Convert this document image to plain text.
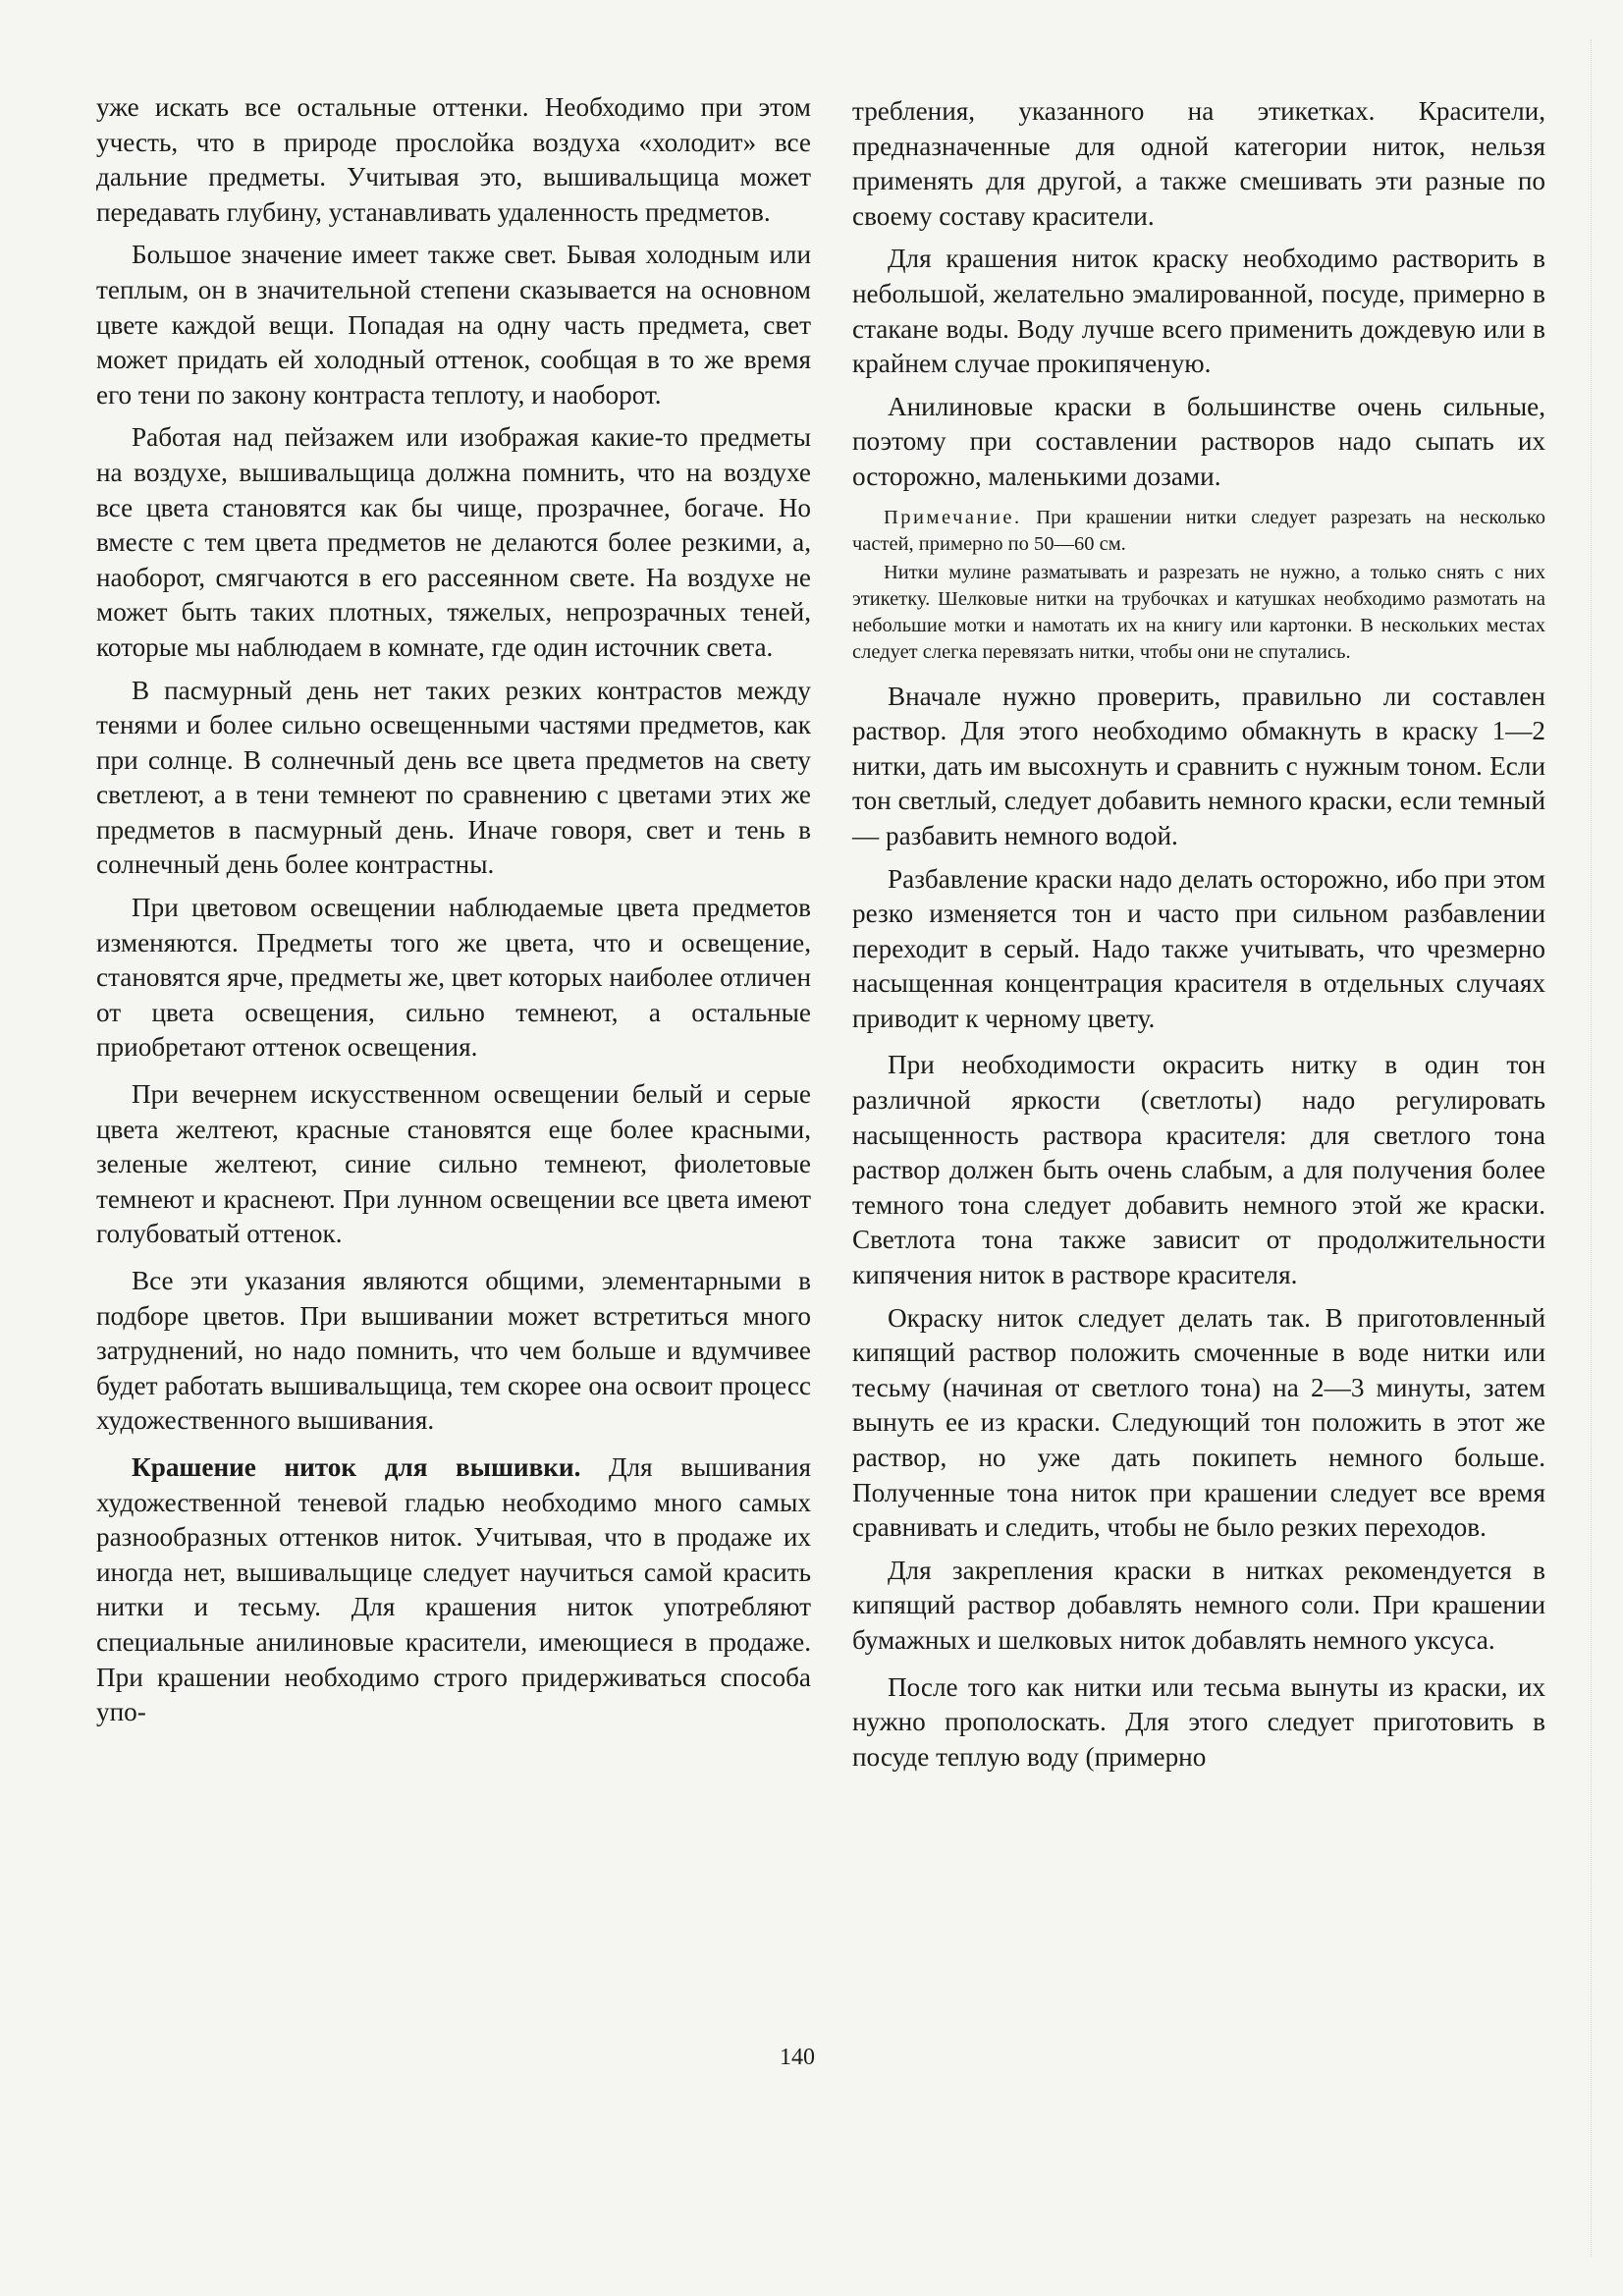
уже искать все остальные оттенки. Необходимо при этом учесть, что в природе прослойка воздуха «холодит» все дальние предметы. Учитывая это, вышивальщица может передавать глубину, устанавливать удаленность предметов.

Большое значение имеет также свет. Бывая холодным или теплым, он в значительной степени сказывается на основном цвете каждой вещи. Попадая на одну часть предмета, свет может придать ей холодный оттенок, сообщая в то же время его тени по закону контраста теплоту, и наоборот.

Работая над пейзажем или изображая какие-то предметы на воздухе, вышивальщица должна помнить, что на воздухе все цвета становятся как бы чище, прозрачнее, богаче. Но вместе с тем цвета предметов не делаются более резкими, а, наоборот, смягчаются в его рассеянном свете. На воздухе не может быть таких плотных, тяжелых, непрозрачных теней, которые мы наблюдаем в комнате, где один источник света.

В пасмурный день нет таких резких контрастов между тенями и более сильно освещенными частями предметов, как при солнце. В солнечный день все цвета предметов на свету светлеют, а в тени темнеют по сравнению с цветами этих же предметов в пасмурный день. Иначе говоря, свет и тень в солнечный день более контрастны.

При цветовом освещении наблюдаемые цвета предметов изменяются. Предметы того же цвета, что и освещение, становятся ярче, предметы же, цвет которых наиболее отличен от цвета освещения, сильно темнеют, а остальные приобретают оттенок освещения.

При вечернем искусственном освещении белый и серые цвета желтеют, красные становятся еще более красными, зеленые желтеют, синие сильно темнеют, фиолетовые темнеют и краснеют. При лунном освещении все цвета имеют голубоватый оттенок.

Все эти указания являются общими, элементарными в подборе цветов. При вышивании может встретиться много затруднений, но надо помнить, что чем больше и вдумчивее будет работать вышивальщица, тем скорее она освоит процесс художественного вышивания.

Крашение ниток для вышивки. Для вышивания художественной теневой гладью необходимо много самых разнообразных оттенков ниток. Учитывая, что в продаже их иногда нет, вышивальщице следует научиться самой красить нитки и тесьму. Для крашения ниток употребляют специальные анилиновые красители, имеющиеся в продаже. При крашении необходимо строго придерживаться способа упо-

требления, указанного на этикетках. Красители, предназначенные для одной категории ниток, нельзя применять для другой, а также смешивать эти разные по своему составу красители.

Для крашения ниток краску необходимо растворить в небольшой, желательно эмалированной, посуде, примерно в стакане воды. Воду лучше всего применить дождевую или в крайнем случае прокипяченую.

Анилиновые краски в большинстве очень сильные, поэтому при составлении растворов надо сыпать их осторожно, маленькими дозами.

Примечание. При крашении нитки следует разрезать на несколько частей, примерно по 50—60 см.

Нитки мулине разматывать и разрезать не нужно, а только снять с них этикетку. Шелковые нитки на трубочках и катушках необходимо размотать на небольшие мотки и намотать их на книгу или картонки. В нескольких местах следует слегка перевязать нитки, чтобы они не спутались.

Вначале нужно проверить, правильно ли составлен раствор. Для этого необходимо обмакнуть в краску 1—2 нитки, дать им высохнуть и сравнить с нужным тоном. Если тон светлый, следует добавить немного краски, если темный — разбавить немного водой.

Разбавление краски надо делать осторожно, ибо при этом резко изменяется тон и часто при сильном разбавлении переходит в серый. Надо также учитывать, что чрезмерно насыщенная концентрация красителя в отдельных случаях приводит к черному цвету.

При необходимости окрасить нитку в один тон различной яркости (светлоты) надо регулировать насыщенность раствора красителя: для светлого тона раствор должен быть очень слабым, а для получения более темного тона следует добавить немного этой же краски. Светлота тона также зависит от продолжительности кипячения ниток в растворе красителя.

Окраску ниток следует делать так. В приготовленный кипящий раствор положить смоченные в воде нитки или тесьму (начиная от светлого тона) на 2—3 минуты, затем вынуть ее из краски. Следующий тон положить в этот же раствор, но уже дать покипеть немного больше. Полученные тона ниток при крашении следует все время сравнивать и следить, чтобы не было резких переходов.

Для закрепления краски в нитках рекомендуется в кипящий раствор добавлять немного соли. При крашении бумажных и шелковых ниток добавлять немного уксуса.

После того как нитки или тесьма вынуты из краски, их нужно прополоскать. Для этого следует приготовить в посуде теплую воду (примерно

140
